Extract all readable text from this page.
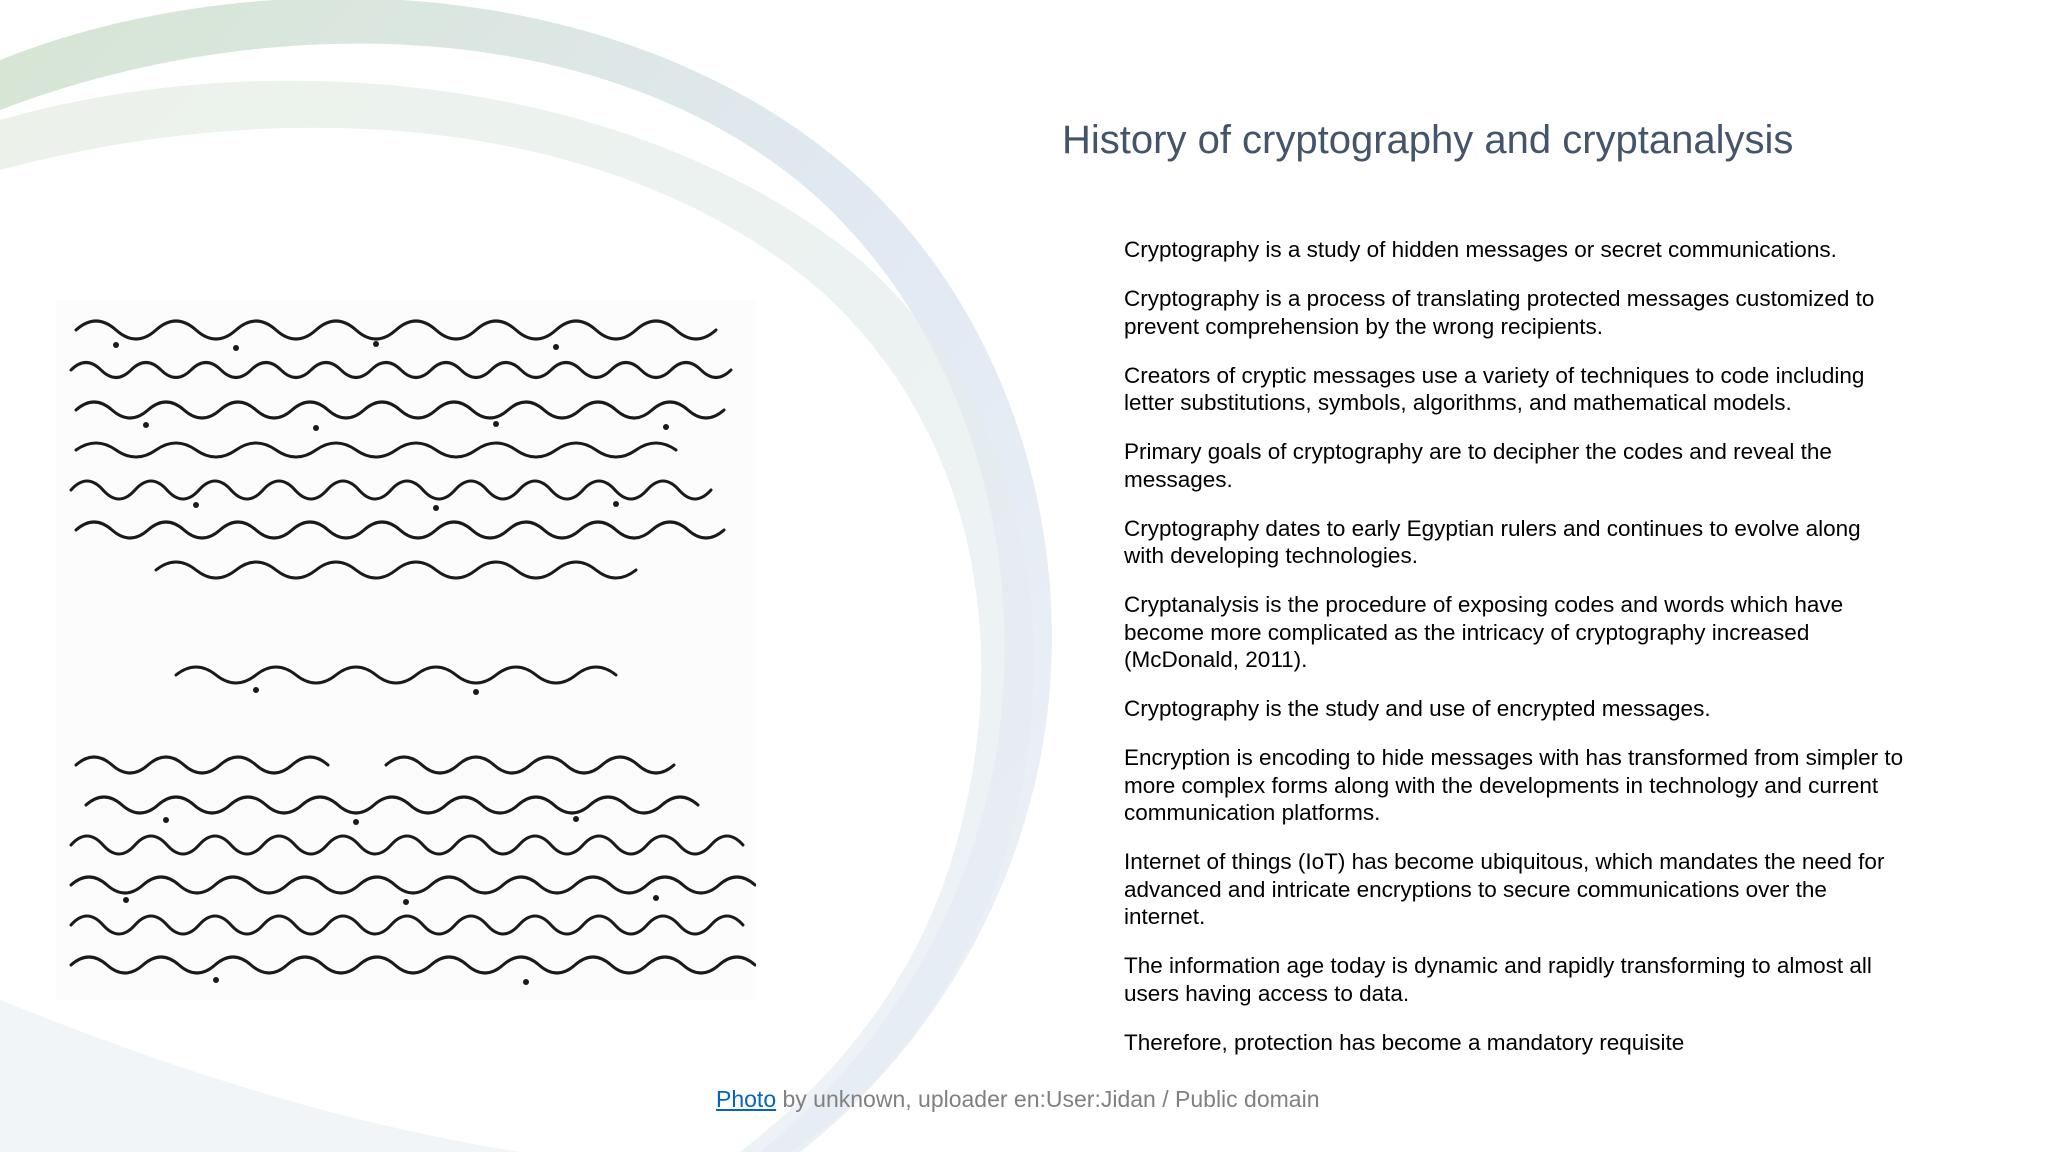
History of cryptography and cryptanalysis
Cryptography is a study of hidden messages or secret communications.
Cryptography is a process of translating protected messages customized to prevent comprehension by the wrong recipients.
Creators of cryptic messages use a variety of techniques to code including letter substitutions, symbols, algorithms, and mathematical models.
Primary goals of cryptography are to decipher the codes and reveal the messages.
Cryptography dates to early Egyptian rulers and continues to evolve along with developing technologies.
Cryptanalysis is the procedure of exposing codes and words which have become more complicated as the intricacy of cryptography increased (McDonald, 2011).
Cryptography is the study and use of encrypted messages.
Encryption is encoding to hide messages with has transformed from simpler to more complex forms along with the developments in technology and current communication platforms.
Internet of things (IoT) has become ubiquitous, which mandates the need for advanced and intricate encryptions to secure communications over the internet.
The information age today is dynamic and rapidly transforming to almost all users having access to data.
Therefore, protection has become a mandatory requisite
Photo by unknown, uploader en:User:Jidan / Public domain
